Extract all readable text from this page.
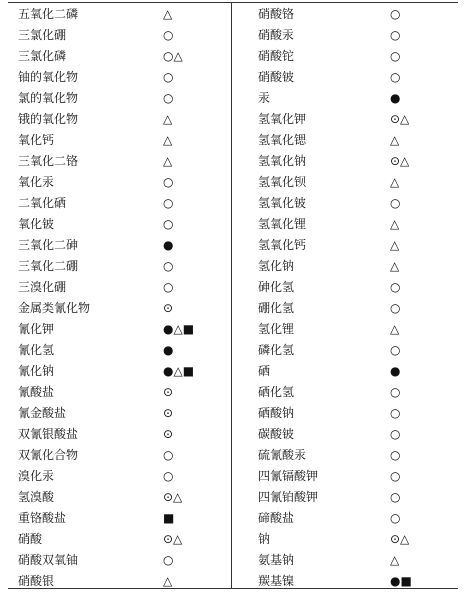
五氧化二磷	△
三氯化硼	○
三氯化磷	○△
铀的氧化物	○
氯的氧化物	○
锇的氧化物	△
氧化钙	△
三氧化二铬	△
氧化汞	○
二氧化硒	○
氧化铍	○
三氧化二砷	●
三氧化二硼	○
三溴化硼	○
金属类氰化物	⊙
氰化钾	●△■
氰化氢	●
氰化钠	●△■
氰酸盐	⊙
氰金酸盐	⊙
双氰银酸盐	⊙
双氰化合物	○
溴化汞	○
氢溴酸	⊙△
重铬酸盐	■
硝酸	⊙△
硝酸双氧铀	○
硝酸银	△
硝酸铬	○
硝酸汞	○
硝酸铊	○
硝酸铍	○
汞	●
氢氧化钾	⊙△
氢氧化锶	△
氢氧化钠	⊙△
氢氧化钡	△
氢氧化铍	○
氢氧化锂	△
氢氧化钙	△
氢化钠	△
砷化氢	○
硼化氢	○
氢化锂	△
磷化氢	○
硒	●
硒化氢	○
硒酸钠	○
碳酸铍	○
硫氰酸汞	○
四氰镉酸钾	○
四氰铂酸钾	○
碲酸盐	○
钠	⊙△
氨基钠	△
羰基镍	●■
